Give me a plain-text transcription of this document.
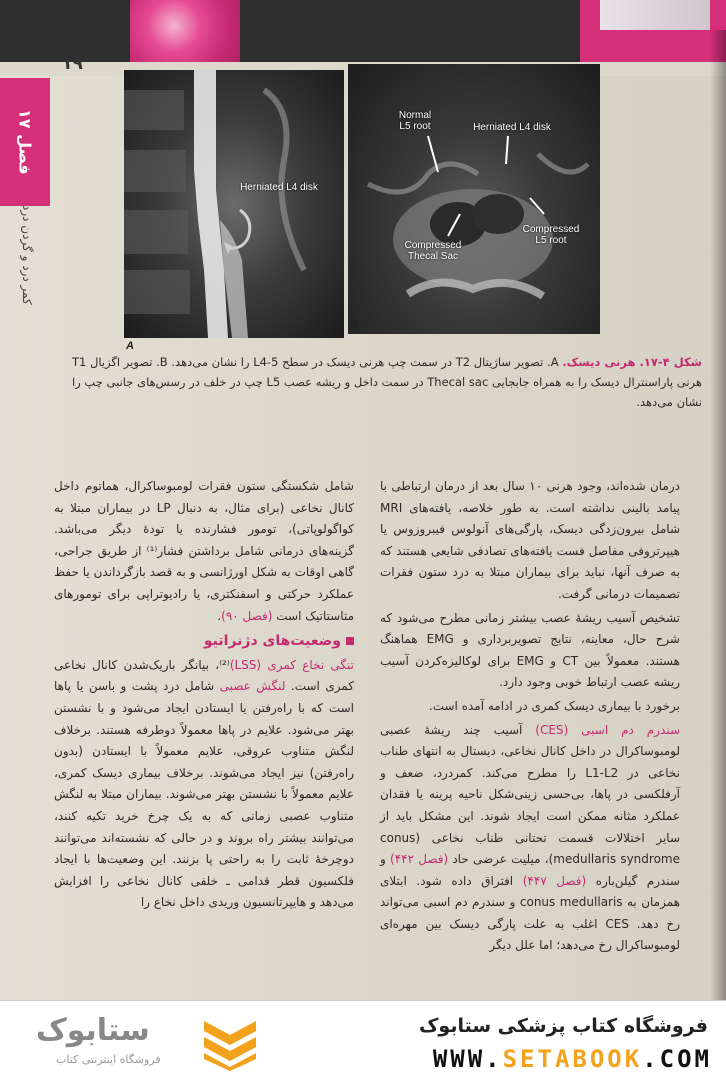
۱۹
فصل ۱۷
کمر درد و گردن درد
Herniated L4 disk
A
Normal
L5 root	Herniated L4 disk
Compressed
Thecal Sac
Compressed
L5 root
B
شکل ۴-۱۷. هرنی دیسک. A. تصویر ساژیتال T2 در سمت چپ هرنی دیسک در سطح L4-5 را نشان می‌دهد. B. تصویر اگزیال T1 هرنی پاراسنترال دیسک را به همراه جابجایی Thecal sac در سمت داخل و ریشه عصب L5 چپ در خلف در رسس‌های جانبی چپ را نشان می‌دهد.

درمان شده‌اند، وجود هرنی ۱۰ سال بعد از درمان ارتباطی با پیامد بالینی نداشته است. به طور خلاصه، یافته‌های MRI شامل بیرون‌زدگی دیسک، پارگی‌های آنولوس فیبروزوس یا هیپرتروفی مفاصل فست یافته‌های تصادفی شایعی هستند که به صرف آنها، نباید برای بیماران مبتلا به درد ستون فقرات تصمیمات درمانی گرفت.

تشخیص آسیب ریشهٔ عصب بیشتر زمانی مطرح می‌شود که شرح حال، معاینه، نتایج تصویربرداری و EMG هماهنگ هستند. معمولاً بین CT و EMG برای لوکالیزه‌کردن آسیب ریشه عصب ارتباط خوبی وجود دارد.

برخورد با بیماری دیسک کمری در ادامه آمده است.

سندرم دم اسبی (CES) آسیب چند ریشهٔ عصبی لومبوساکرال در داخل کانال نخاعی، دیستال به انتهای طناب نخاعی در L1-L2 را مطرح می‌کند. کمردرد، ضعف و آرفلکسی در پاها، بی‌حسی زینی‌شکل ناحیه پرینه یا فقدان عملکرد مثانه ممکن است ایجاد شوند. این مشکل باید از سایر اختلالات قسمت تحتانی طناب نخاعی (conus medullaris syndrome)، میلیت عرضی حاد (فصل ۴۴۲) و سندرم گیلن‌باره (فصل ۴۴۷) افتراق داده شود. ابتلای همزمان به conus medullaris و سندرم دم اسبی می‌تواند رخ دهد. CES اغلب به علت پارگی دیسک بین مهره‌ای لومبوساکرال رخ می‌دهد؛ اما علل دیگر

شامل شکستگی ستون فقرات لومبوساکرال، هماتوم داخل کانال نخاعی (برای مثال، به دنبال LP در بیماران مبتلا به کواگولوپاتی)، تومور فشارنده یا تودهٔ دیگر می‌باشد. گزینه‌های درمانی شامل برداشتن فشار⁽¹⁾ از طریق جراحی، گاهی اوقات به شکل اورژانسی و به قصد بازگرداندن یا حفظ عملکرد حرکتی و اسفنکتری، یا رادیوتراپی برای تومورهای متاستاتیک است (فصل ۹۰).

وضعیت‌های دژنراتیو

تنگی نخاع کمری (LSS)⁽²⁾، بیانگر باریک‌شدن کانال نخاعی کمری است. لنگش عصبی شامل درد پشت و باسن یا پاها است که با راه‌رفتن یا ایستادن ایجاد می‌شود و با نشستن بهتر می‌شود. علایم در پاها معمولاً دوطرفه هستند. برخلاف لنگش متناوب عروقی، علایم معمولاً با ایستادن (بدون راه‌رفتن) نیز ایجاد می‌شوند. برخلاف بیماری دیسک کمری، علایم معمولاً با نشستن بهتر می‌شوند. بیماران مبتلا به لنگش متناوب عصبی زمانی که به یک چرخ خرید تکیه کنند، می‌توانند بیشتر راه بروند و در حالی که نشسته‌اند می‌توانند دوچرخهٔ ثابت را به راحتی پا بزنند. این وضعیت‌ها با ایجاد فلکسیون قطر قدامی ـ خلفی کانال نخاعی را افزایش می‌دهد و هایپرتانسیون وریدی داخل نخاع را

ستابوک
فروشگاه اینترنتی کتاب
فروشگاه کتاب پزشکی ستابوک
WWW.SETABOOK.COM
